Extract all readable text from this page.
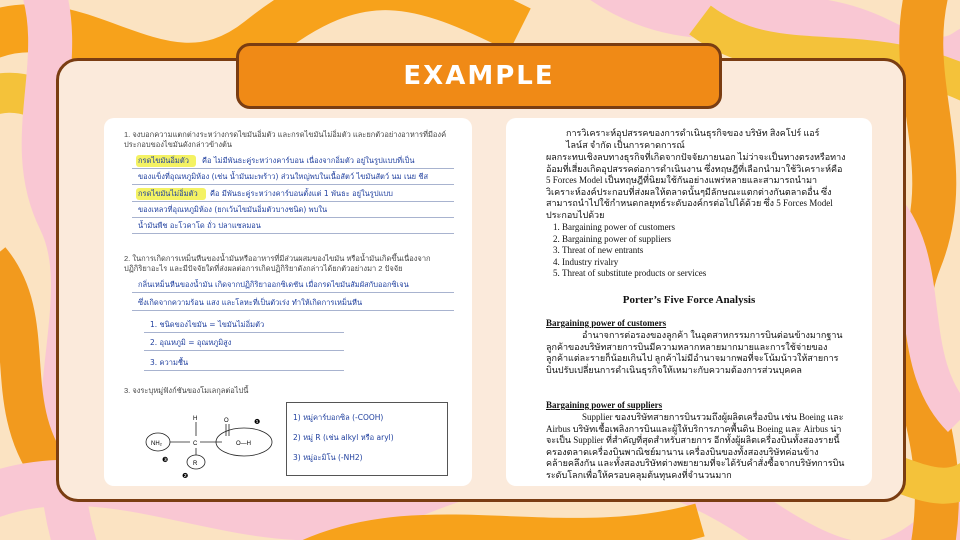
EXAMPLE
1. จงบอกความแตกต่างระหว่างกรดไขมันอิ่มตัว และกรดไขมันไม่อิ่มตัว และยกตัวอย่างอาหารที่มีองค์ประกอบของไขมันดังกล่าวข้างต้น
กรดไขมันอิ่มตัว คือ ไม่มีพันธะคู่ระหว่างคาร์บอน เนื่องจากอิ่มตัว อยู่ในรูปแบบที่เป็น
ของแข็งที่อุณหภูมิห้อง (เช่น น้ำมันมะพร้าว) ส่วนใหญ่พบในเนื้อสัตว์ ไขมันสัตว์ นม เนย ชีส
กรดไขมันไม่อิ่มตัว คือ มีพันธะคู่ระหว่างคาร์บอนตั้งแต่ 1 พันธะ อยู่ในรูปแบบ
ของเหลวที่อุณหภูมิห้อง (ยกเว้นไขมันอิ่มตัวบางชนิด) พบใน
น้ำมันพืช อะโวคาโด ถั่ว ปลาแซลมอน
2. ในการเกิดการเหม็นหืนของน้ำมันหรืออาหารที่มีส่วนผสมของไขมัน หรือน้ำมันเกิดขึ้นเนื่องจากปฏิกิริยาอะไร และมีปัจจัยใดที่ส่งผลต่อการเกิดปฏิกิริยาดังกล่าวได้ยกตัวอย่างมา 2 ปัจจัย
กลิ่นเหม็นหืนของน้ำมัน เกิดจากปฏิกิริยาออกซิเดชัน เมื่อกรดไขมันสัมผัสกับออกซิเจน
ซึ่งเกิดจากความร้อน แสง และโลหะที่เป็นตัวเร่ง ทำให้เกิดการเหม็นหืน
1. ชนิดของไขมัน = ไขมันไม่อิ่มตัว
2. อุณหภูมิ = อุณหภูมิสูง
3. ความชื้น
3. จงระบุหมู่ฟังก์ชันของโมเลกุลต่อไปนี้
NH₂
H
C
O
O—H
R
❶
❷
❸
1) หมู่คาร์บอกซิล (-COOH)
2) หมู่ R (เช่น alkyl หรือ aryl)
3) หมู่อะมิโน (-NH2)
การวิเคราะห์อุปสรรคของการดำเนินธุรกิจของ บริษัท สิงคโปร์ แอร์
ไลน์ส จำกัด เป็นการคาดการณ์
ผลกระทบเชิงลบทางธุรกิจที่เกิดจากปัจจัยภายนอก ไม่ว่าจะเป็นทางตรงหรือทางอ้อมที่เสี่ยงเกิดอุปสรรคต่อการดำเนินงาน ซึ่งทฤษฎีที่เลือกนำมาใช้วิเคราะห์คือ 5 Forces Model เป็นทฤษฎีที่นิยมใช้กันอย่างแพร่หลายและสามารถนำมาวิเคราะห์องค์ประกอบที่ส่งผลให้ตลาดนั้นๆมีลักษณะแตกต่างกันตลาดอื่น ซึ่งสามารถนำไปใช้กำหนดกลยุทธ์ระดับองค์กรต่อไปได้ด้วย ซึ่ง 5 Forces Model ประกอบไปด้วย
1. Bargaining power of customers
2. Bargaining power of suppliers
3. Threat of new entrants
4. Industry rivalry
5. Threat of substitute products or services
Porter’s Five Force Analysis
Bargaining power of customers
อำนาจการต่อรองของลูกค้า ในอุตสาหกรรมการบินต่อนข้างมากฐานลูกค้าของบริษัทสายการบินมีความหลากหลายมากมายและการใช้จ่ายของลูกค้าแต่ละรายก็น้อยเกินไป ลูกค้าไม่มีอำนาจมากพอที่จะโน้มน้าวให้สายการบินปรับเปลี่ยนการดำเนินธุรกิจให้เหมาะกับความต้องการส่วนบุคคล
Bargaining power of suppliers
Supplier ของบริษัทสายการบินรวมถึงผู้ผลิตเครื่องบิน เช่น Boeing และ Airbus บริษัทเชื้อเพลิงการบินและผู้ให้บริการภาคพื้นดิน Boeing และ Airbus น่าจะเป็น Supplier ที่สำคัญที่สุดสำหรับสายการ อีกทั้งผู้ผลิตเครื่องบินทั้งสองรายนี้ครองตลาดเครื่องบินพาณิชย์มานาน เครื่องบินของทั้งสองบริษัทค่อนข้างคล้ายคลึงกัน และทั้งสองบริษัทต่างพยายามที่จะได้รับคำสั่งซื้อจากบริษัทการบินระดับโลกเพื่อให้ครอบคลุมต้นทุนคงที่จำนวนมาก
